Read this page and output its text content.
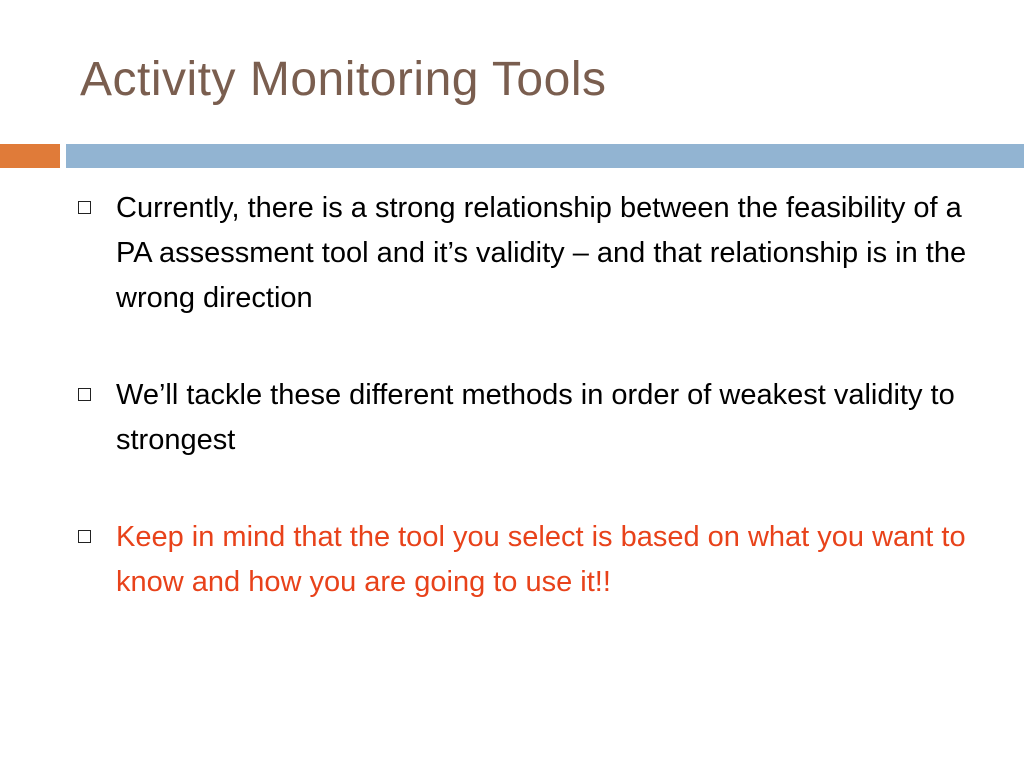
Activity Monitoring Tools
Currently, there is a strong relationship between the feasibility of a PA assessment tool and it’s validity – and that relationship is in the wrong direction
We’ll tackle these different methods in order of weakest validity to strongest
Keep in mind that the tool you select is based on what you want to know and how you are going to use it!!
